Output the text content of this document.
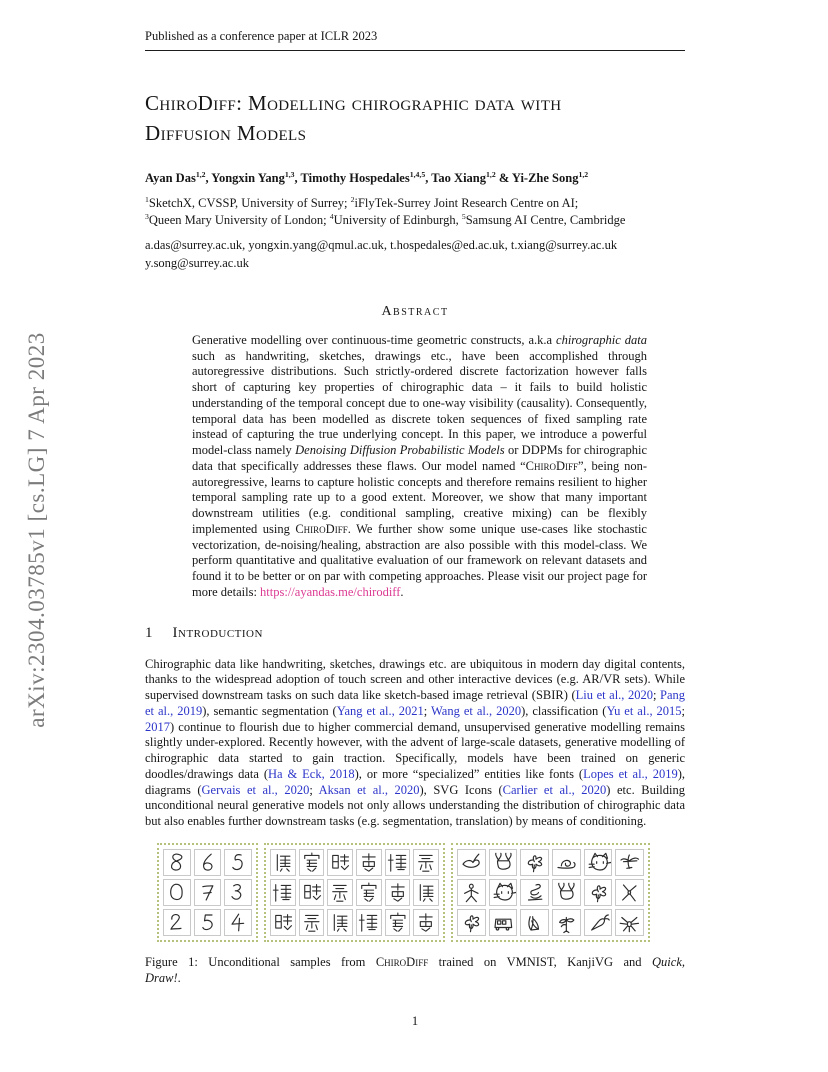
arXiv:2304.03785v1 [cs.LG] 7 Apr 2023
Published as a conference paper at ICLR 2023
ChiroDiff: Modelling chirographic data with
Diffusion Models
Ayan Das$^{1,2}$, Yongxin Yang$^{1,3}$, Timothy Hospedales$^{1,4,5}$, Tao Xiang$^{1,2}$ & Yi-Zhe Song$^{1,2}$
$^1$SketchX, CVSSP, University of Surrey; $^2$iFlyTek-Surrey Joint Research Centre on AI;
$^3$Queen Mary University of London; $^4$University of Edinburgh, $^5$Samsung AI Centre, Cambridge
a.das@surrey.ac.uk, yongxin.yang@qmul.ac.uk, t.hospedales@ed.ac.uk, t.xiang@surrey.ac.uk
y.song@surrey.ac.uk
Abstract
Generative modelling over continuous-time geometric constructs, a.k.a chirographic data such as handwriting, sketches, drawings etc., have been accomplished through autoregressive distributions. Such strictly-ordered discrete factorization however falls short of capturing key properties of chirographic data – it fails to build holistic understanding of the temporal concept due to one-way visibility (causality). Consequently, temporal data has been modelled as discrete token sequences of fixed sampling rate instead of capturing the true underlying concept. In this paper, we introduce a powerful model-class namely Denoising Diffusion Probabilistic Models or DDPMs for chirographic data that specifically addresses these flaws. Our model named “ChiroDiff”, being non-autoregressive, learns to capture holistic concepts and therefore remains resilient to higher temporal sampling rate up to a good extent. Moreover, we show that many important downstream utilities (e.g. conditional sampling, creative mixing) can be flexibly implemented using ChiroDiff. We further show some unique use-cases like stochastic vectorization, de-noising/healing, abstraction are also possible with this model-class. We perform quantitative and qualitative evaluation of our framework on relevant datasets and found it to be better or on par with competing approaches. Please visit our project page for more details: https://ayandas.me/chirodiff.
1 Introduction
Chirographic data like handwriting, sketches, drawings etc. are ubiquitous in modern day digital contents, thanks to the widespread adoption of touch screen and other interactive devices (e.g. AR/VR sets). While supervised downstream tasks on such data like sketch-based image retrieval (SBIR) (Liu et al., 2020; Pang et al., 2019), semantic segmentation (Yang et al., 2021; Wang et al., 2020), classification (Yu et al., 2015; 2017) continue to flourish due to higher commercial demand, unsupervised generative modelling remains slightly under-explored. Recently however, with the advent of large-scale datasets, generative modelling of chirographic data started to gain traction. Specifically, models have been trained on generic doodles/drawings data (Ha & Eck, 2018), or more “specialized” entities like fonts (Lopes et al., 2019), diagrams (Gervais et al., 2020; Aksan et al., 2020), SVG Icons (Carlier et al., 2020) etc. Building unconditional neural generative models not only allows understanding the distribution of chirographic data but also enables further downstream tasks (e.g. segmentation, translation) by means of conditioning.
Figure 1: Unconditional samples from ChiroDiff trained on VMNIST, KanjiVG and Quick,
Draw!.
1
